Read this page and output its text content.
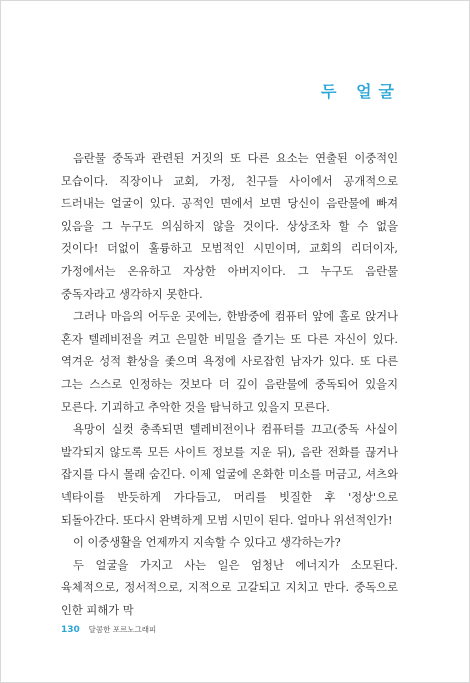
두 얼굴

음란물 중독과 관련된 거짓의 또 다른 요소는 연출된 이중적인 모습이다. 직장이나 교회, 가정, 친구들 사이에서 공개적으로 드러내는 얼굴이 있다. 공적인 면에서 보면 당신이 음란물에 빠져 있음을 그 누구도 의심하지 않을 것이다. 상상조차 할 수 없을 것이다! 더없이 훌륭하고 모범적인 시민이며, 교회의 리더이자, 가정에서는 온유하고 자상한 아버지이다. 그 누구도 음란물 중독자라고 생각하지 못한다.

그러나 마음의 어두운 곳에는, 한밤중에 컴퓨터 앞에 홀로 앉거나 혼자 텔레비전을 켜고 은밀한 비밀을 즐기는 또 다른 자신이 있다. 역겨운 성적 환상을 좇으며 욕정에 사로잡힌 남자가 있다. 또 다른 그는 스스로 인정하는 것보다 더 깊이 음란물에 중독되어 있을지 모른다. 기괴하고 추악한 것을 탐닉하고 있을지 모른다.

욕망이 실컷 충족되면 텔레비전이나 컴퓨터를 끄고(중독 사실이 발각되지 않도록 모든 사이트 정보를 지운 뒤), 음란 전화를 끊거나 잡지를 다시 몰래 숨긴다. 이제 얼굴에 온화한 미소를 머금고, 셔츠와 넥타이를 반듯하게 가다듬고, 머리를 빗질한 후 '정상'으로 되돌아간다. 또다시 완벽하게 모범 시민이 된다. 얼마나 위선적인가!

이 이중생활을 언제까지 지속할 수 있다고 생각하는가?

두 얼굴을 가지고 사는 일은 엄청난 에너지가 소모된다. 육체적으로, 정서적으로, 지적으로 고갈되고 지치고 만다. 중독으로 인한 피해가 막

130 달콤한 포르노그래피
